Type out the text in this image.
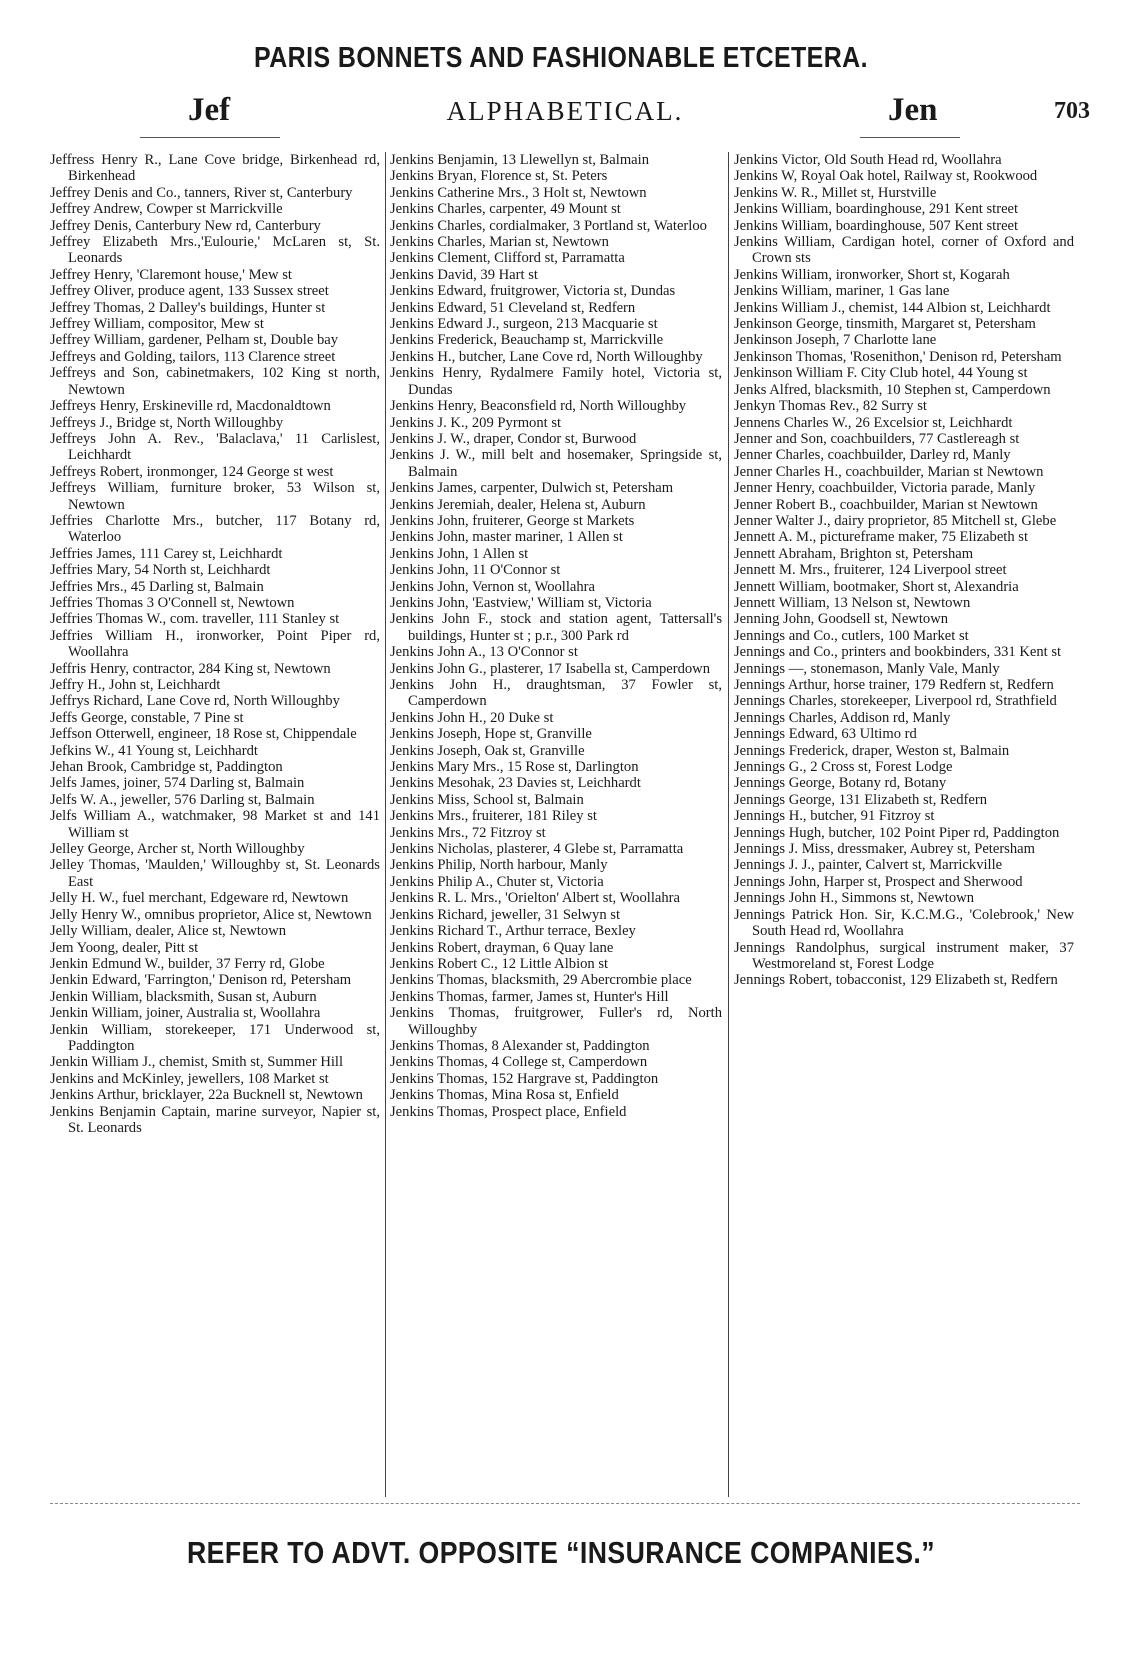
PARIS BONNETS AND FASHIONABLE ETCETERA.
Jef	ALPHABETICAL.	Jen	703

Jeffress Henry R., Lane Cove bridge, Birkenhead rd, Birkenhead

Jeffrey Denis and Co., tanners, River st, Canterbury

Jeffrey Andrew, Cowper st Marrickville

Jeffrey Denis, Canterbury New rd, Canterbury

Jeffrey Elizabeth Mrs.,'Eulourie,' McLaren st, St. Leonards

Jeffrey Henry, 'Claremont house,' Mew st

Jeffrey Oliver, produce agent, 133 Sussex street

Jeffrey Thomas, 2 Dalley's buildings, Hunter st

Jeffrey William, compositor, Mew st

Jeffrey William, gardener, Pelham st, Double bay

Jeffreys and Golding, tailors, 113 Clarence street

Jeffreys and Son, cabinetmakers, 102 King st north, Newtown

Jeffreys Henry, Erskineville rd, Macdonaldtown

Jeffreys J., Bridge st, North Willoughby

Jeffreys John A. Rev., 'Balaclava,' 11 Carlislest, Leichhardt

Jeffreys Robert, ironmonger, 124 George st west

Jeffreys William, furniture broker, 53 Wilson st, Newtown

Jeffries Charlotte Mrs., butcher, 117 Botany rd, Waterloo

Jeffries James, 111 Carey st, Leichhardt

Jeffries Mary, 54 North st, Leichhardt

Jeffries Mrs., 45 Darling st, Balmain

Jeffries Thomas 3 O'Connell st, Newtown

Jeffries Thomas W., com. traveller, 111 Stanley st

Jeffries William H., ironworker, Point Piper rd, Woollahra

Jeffris Henry, contractor, 284 King st, Newtown

Jeffry H., John st, Leichhardt

Jeffrys Richard, Lane Cove rd, North Willoughby

Jeffs George, constable, 7 Pine st

Jeffson Otterwell, engineer, 18 Rose st, Chippendale

Jefkins W., 41 Young st, Leichhardt

Jehan Brook, Cambridge st, Paddington

Jelfs James, joiner, 574 Darling st, Balmain

Jelfs W. A., jeweller, 576 Darling st, Balmain

Jelfs William A., watchmaker, 98 Market st and 141 William st

Jelley George, Archer st, North Willoughby

Jelley Thomas, 'Maulden,' Willoughby st, St. Leonards East

Jelly H. W., fuel merchant, Edgeware rd, Newtown

Jelly Henry W., omnibus proprietor, Alice st, Newtown

Jelly William, dealer, Alice st, Newtown

Jem Yoong, dealer, Pitt st

Jenkin Edmund W., builder, 37 Ferry rd, Globe

Jenkin Edward, 'Farrington,' Denison rd, Petersham

Jenkin William, blacksmith, Susan st, Auburn

Jenkin William, joiner, Australia st, Woollahra

Jenkin William, storekeeper, 171 Underwood st, Paddington

Jenkin William J., chemist, Smith st, Summer Hill

Jenkins and McKinley, jewellers, 108 Market st

Jenkins Arthur, bricklayer, 22a Bucknell st, Newtown

Jenkins Benjamin Captain, marine surveyor, Napier st, St. Leonards

Jenkins Benjamin, 13 Llewellyn st, Balmain

Jenkins Bryan, Florence st, St. Peters

Jenkins Catherine Mrs., 3 Holt st, Newtown

Jenkins Charles, carpenter, 49 Mount st

Jenkins Charles, cordialmaker, 3 Portland st, Waterloo

Jenkins Charles, Marian st, Newtown

Jenkins Clement, Clifford st, Parramatta

Jenkins David, 39 Hart st

Jenkins Edward, fruitgrower, Victoria st, Dundas

Jenkins Edward, 51 Cleveland st, Redfern

Jenkins Edward J., surgeon, 213 Macquarie st

Jenkins Frederick, Beauchamp st, Marrickville

Jenkins H., butcher, Lane Cove rd, North Willoughby

Jenkins Henry, Rydalmere Family hotel, Victoria st, Dundas

Jenkins Henry, Beaconsfield rd, North Willoughby

Jenkins J. K., 209 Pyrmont st

Jenkins J. W., draper, Condor st, Burwood

Jenkins J. W., mill belt and hosemaker, Springside st, Balmain

Jenkins James, carpenter, Dulwich st, Petersham

Jenkins Jeremiah, dealer, Helena st, Auburn

Jenkins John, fruiterer, George st Markets

Jenkins John, master mariner, 1 Allen st

Jenkins John, 1 Allen st

Jenkins John, 11 O'Connor st

Jenkins John, Vernon st, Woollahra

Jenkins John, 'Eastview,' William st, Victoria

Jenkins John F., stock and station agent, Tattersall's buildings, Hunter st ; p.r., 300 Park rd

Jenkins John A., 13 O'Connor st

Jenkins John G., plasterer, 17 Isabella st, Camperdown

Jenkins John H., draughtsman, 37 Fowler st, Camperdown

Jenkins John H., 20 Duke st

Jenkins Joseph, Hope st, Granville

Jenkins Joseph, Oak st, Granville

Jenkins Mary Mrs., 15 Rose st, Darlington

Jenkins Mesohak, 23 Davies st, Leichhardt

Jenkins Miss, School st, Balmain

Jenkins Mrs., fruiterer, 181 Riley st

Jenkins Mrs., 72 Fitzroy st

Jenkins Nicholas, plasterer, 4 Glebe st, Parramatta

Jenkins Philip, North harbour, Manly

Jenkins Philip A., Chuter st, Victoria

Jenkins R. L. Mrs., 'Orielton' Albert st, Woollahra

Jenkins Richard, jeweller, 31 Selwyn st

Jenkins Richard T., Arthur terrace, Bexley

Jenkins Robert, drayman, 6 Quay lane

Jenkins Robert C., 12 Little Albion st

Jenkins Thomas, blacksmith, 29 Abercrombie place

Jenkins Thomas, farmer, James st, Hunter's Hill

Jenkins Thomas, fruitgrower, Fuller's rd, North Willoughby

Jenkins Thomas, 8 Alexander st, Paddington

Jenkins Thomas, 4 College st, Camperdown

Jenkins Thomas, 152 Hargrave st, Paddington

Jenkins Thomas, Mina Rosa st, Enfield

Jenkins Thomas, Prospect place, Enfield

Jenkins Victor, Old South Head rd, Woollahra

Jenkins W, Royal Oak hotel, Railway st, Rookwood

Jenkins W. R., Millet st, Hurstville

Jenkins William, boardinghouse, 291 Kent street

Jenkins William, boardinghouse, 507 Kent street

Jenkins William, Cardigan hotel, corner of Oxford and Crown sts

Jenkins William, ironworker, Short st, Kogarah

Jenkins William, mariner, 1 Gas lane

Jenkins William J., chemist, 144 Albion st, Leichhardt

Jenkinson George, tinsmith, Margaret st, Petersham

Jenkinson Joseph, 7 Charlotte lane

Jenkinson Thomas, 'Rosenithon,' Denison rd, Petersham

Jenkinson William F. City Club hotel, 44 Young st

Jenks Alfred, blacksmith, 10 Stephen st, Camperdown

Jenkyn Thomas Rev., 82 Surry st

Jennens Charles W., 26 Excelsior st, Leichhardt

Jenner and Son, coachbuilders, 77 Castlereagh st

Jenner Charles, coachbuilder, Darley rd, Manly

Jenner Charles H., coachbuilder, Marian st Newtown

Jenner Henry, coachbuilder, Victoria parade, Manly

Jenner Robert B., coachbuilder, Marian st Newtown

Jenner Walter J., dairy proprietor, 85 Mitchell st, Glebe

Jennett A. M., pictureframe maker, 75 Elizabeth st

Jennett Abraham, Brighton st, Petersham

Jennett M. Mrs., fruiterer, 124 Liverpool street

Jennett William, bootmaker, Short st, Alexandria

Jennett William, 13 Nelson st, Newtown

Jenning John, Goodsell st, Newtown

Jennings and Co., cutlers, 100 Market st

Jennings and Co., printers and bookbinders, 331 Kent st

Jennings —, stonemason, Manly Vale, Manly

Jennings Arthur, horse trainer, 179 Redfern st, Redfern

Jennings Charles, storekeeper, Liverpool rd, Strathfield

Jennings Charles, Addison rd, Manly

Jennings Edward, 63 Ultimo rd

Jennings Frederick, draper, Weston st, Balmain

Jennings G., 2 Cross st, Forest Lodge

Jennings George, Botany rd, Botany

Jennings George, 131 Elizabeth st, Redfern

Jennings H., butcher, 91 Fitzroy st

Jennings Hugh, butcher, 102 Point Piper rd, Paddington

Jennings J. Miss, dressmaker, Aubrey st, Petersham

Jennings J. J., painter, Calvert st, Marrickville

Jennings John, Harper st, Prospect and Sherwood

Jennings John H., Simmons st, Newtown

Jennings Patrick Hon. Sir, K.C.M.G., 'Colebrook,' New South Head rd, Woollahra

Jennings Randolphus, surgical instrument maker, 37 Westmoreland st, Forest Lodge

Jennings Robert, tobacconist, 129 Elizabeth st, Redfern

REFER TO ADVT. OPPOSITE “INSURANCE COMPANIES.”
